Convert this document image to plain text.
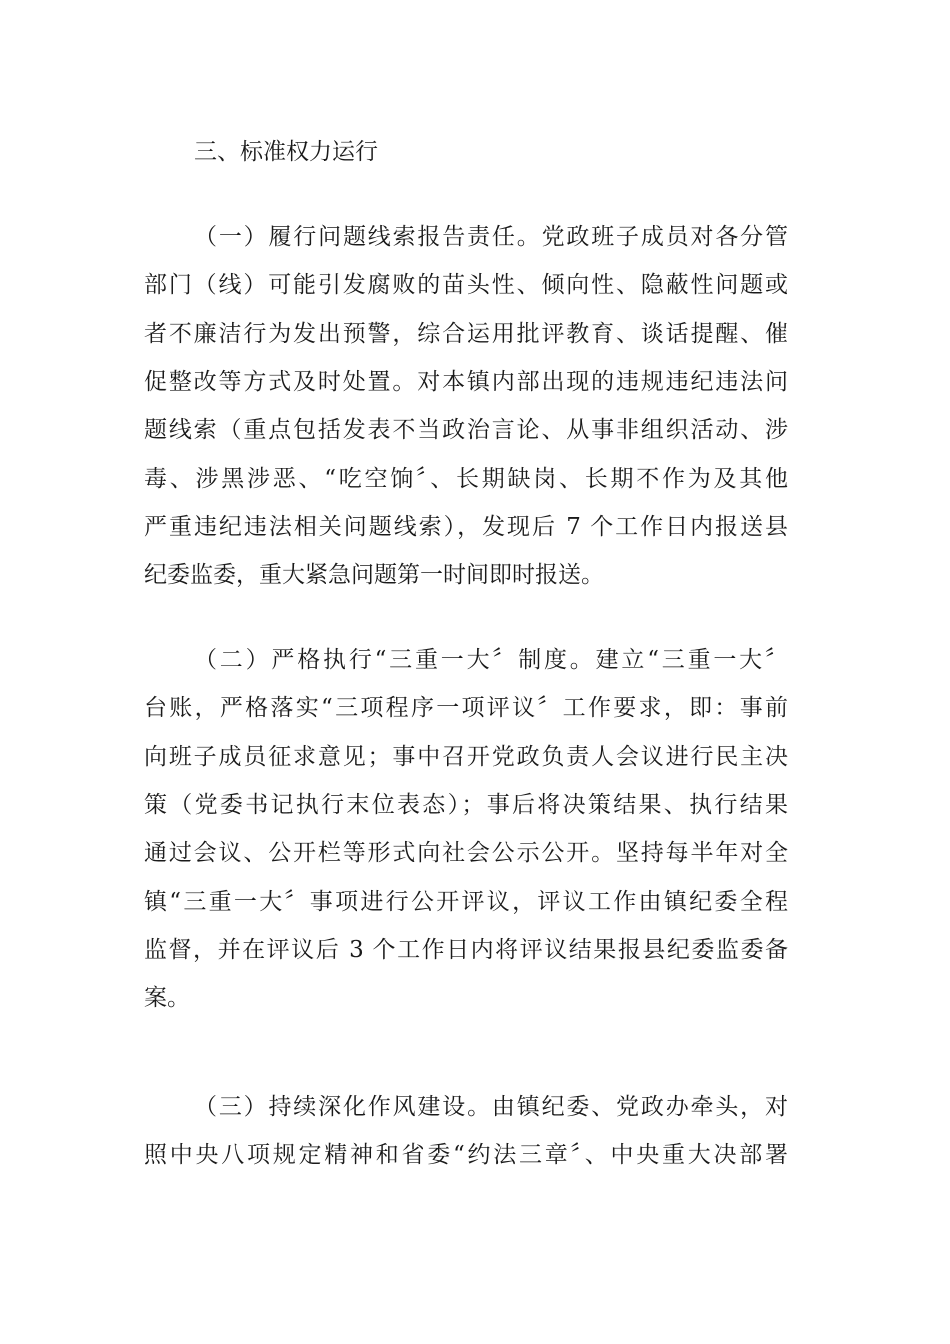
三、标准权力运行
（一）履行问题线索报告责任。党政班子成员对各分管
部门（线）可能引发腐败的苗头性、倾向性、隐蔽性问题或
者不廉洁行为发出预警，综合运用批评教育、谈话提醒、催
促整改等方式及时处置。对本镇内部出现的违规违纪违法问
题线索（重点包括发表不当政治言论、从事非组织活动、涉
毒、涉黑涉恶、“吃空饷〞、长期缺岗、长期不作为及其他
严重违纪违法相关问题线索），发现后 7 个工作日内报送县
纪委监委，重大紧急问题第一时间即时报送。
（二）严格执行“三重一大〞制度。建立“三重一大〞
台账，严格落实“三项程序一项评议〞工作要求，即：事前
向班子成员征求意见；事中召开党政负责人会议进行民主决
策（党委书记执行末位表态）；事后将决策结果、执行结果
通过会议、公开栏等形式向社会公示公开。坚持每半年对全
镇“三重一大〞事项进行公开评议，评议工作由镇纪委全程
监督，并在评议后 3 个工作日内将评议结果报县纪委监委备
案。
（三）持续深化作风建设。由镇纪委、党政办牵头，对
照中央八项规定精神和省委“约法三章〞、中央重大决部署
